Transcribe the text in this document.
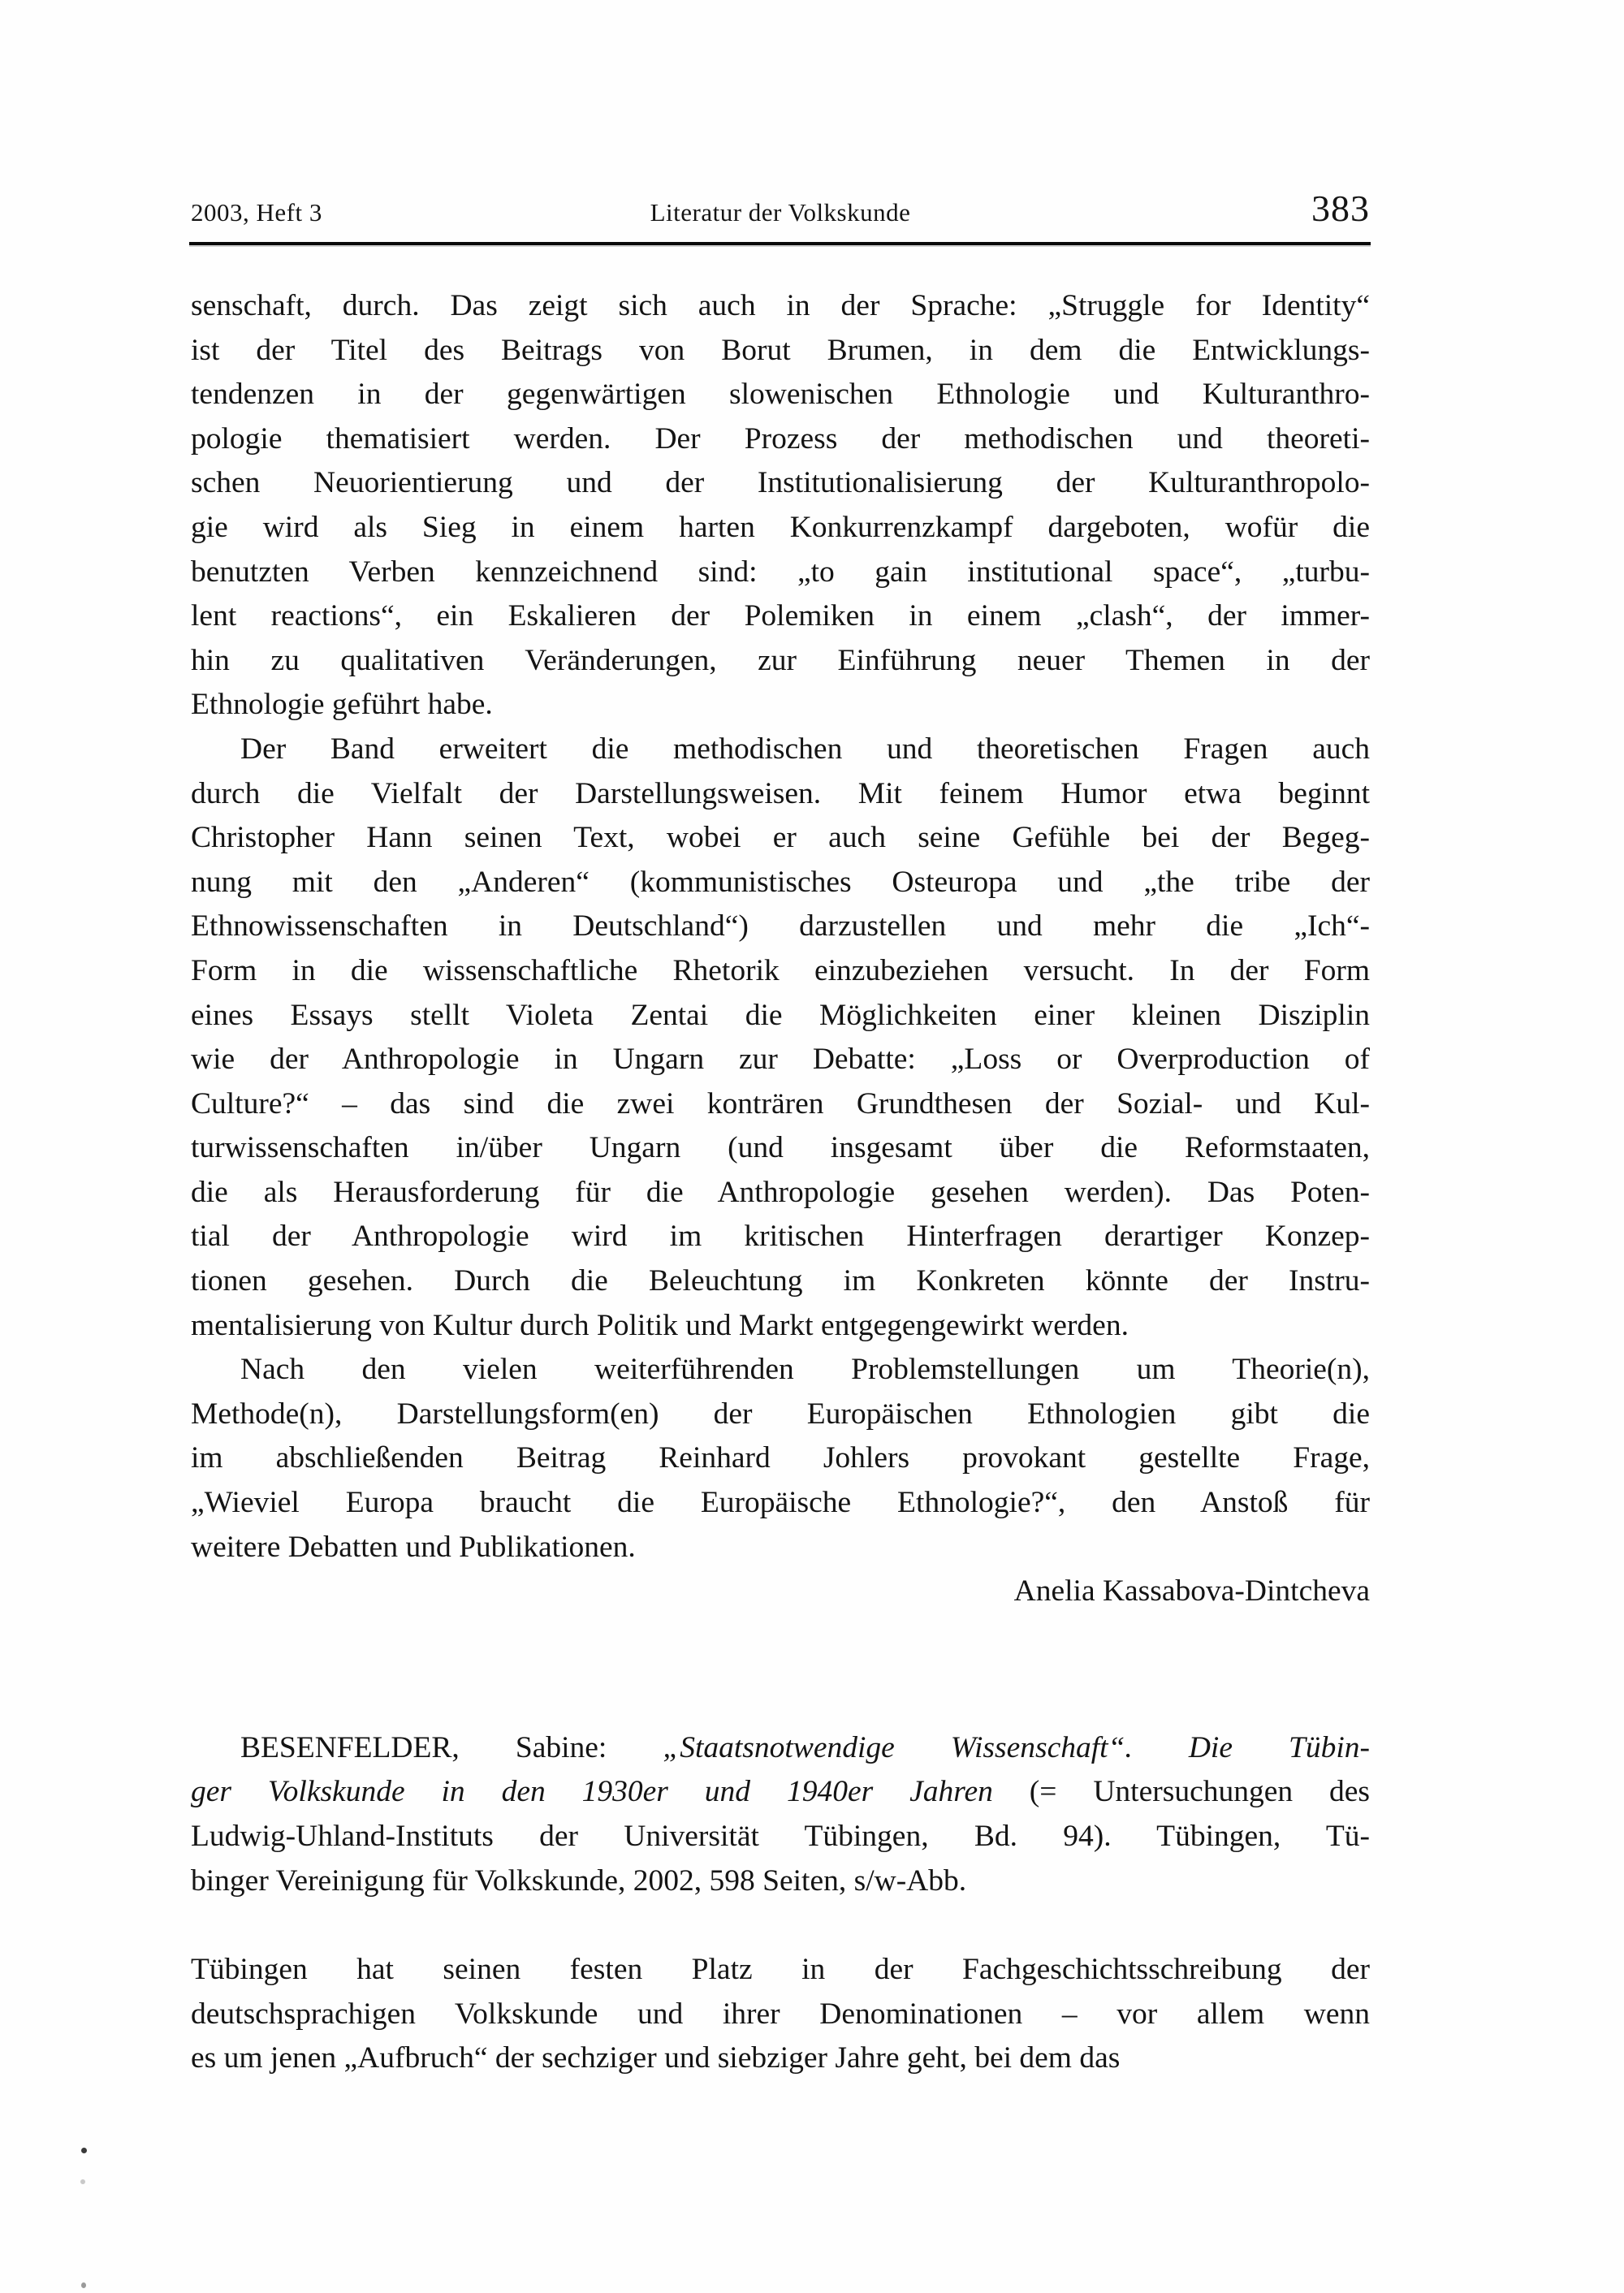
2003, Heft 3	Literatur der Volkskunde	383
senschaft, durch. Das zeigt sich auch in der Sprache: „Struggle for Identity“
ist der Titel des Beitrags von Borut Brumen, in dem die Entwicklungs-
tendenzen in der gegenwärtigen slowenischen Ethnologie und Kulturanthro-
pologie thematisiert werden. Der Prozess der methodischen und theoreti-
schen Neuorientierung und der Institutionalisierung der Kulturanthropolo-
gie wird als Sieg in einem harten Konkurrenzkampf dargeboten, wofür die
benutzten Verben kennzeichnend sind: „to gain institutional space“, „turbu-
lent reactions“, ein Eskalieren der Polemiken in einem „clash“, der immer-
hin zu qualitativen Veränderungen, zur Einführung neuer Themen in der
Ethnologie geführt habe.
Der Band erweitert die methodischen und theoretischen Fragen auch
durch die Vielfalt der Darstellungsweisen. Mit feinem Humor etwa beginnt
Christopher Hann seinen Text, wobei er auch seine Gefühle bei der Begeg-
nung mit den „Anderen“ (kommunistisches Osteuropa und „the tribe der
Ethnowissenschaften in Deutschland“) darzustellen und mehr die „Ich“-
Form in die wissenschaftliche Rhetorik einzubeziehen versucht. In der Form
eines Essays stellt Violeta Zentai die Möglichkeiten einer kleinen Disziplin
wie der Anthropologie in Ungarn zur Debatte: „Loss or Overproduction of
Culture?“ – das sind die zwei konträren Grundthesen der Sozial- und Kul-
turwissenschaften in/über Ungarn (und insgesamt über die Reformstaaten,
die als Herausforderung für die Anthropologie gesehen werden). Das Poten-
tial der Anthropologie wird im kritischen Hinterfragen derartiger Konzep-
tionen gesehen. Durch die Beleuchtung im Konkreten könnte der Instru-
mentalisierung von Kultur durch Politik und Markt entgegengewirkt werden.
Nach den vielen weiterführenden Problemstellungen um Theorie(n),
Methode(n), Darstellungsform(en) der Europäischen Ethnologien gibt die
im abschließenden Beitrag Reinhard Johlers provokant gestellte Frage,
„Wieviel Europa braucht die Europäische Ethnologie?“, den Anstoß für
weitere Debatten und Publikationen.
Anelia Kassabova-Dintcheva
BESENFELDER, Sabine: „Staatsnotwendige Wissenschaft“. Die Tübin-
ger Volkskunde in den 1930er und 1940er Jahren (= Untersuchungen des
Ludwig-Uhland-Instituts der Universität Tübingen, Bd. 94). Tübingen, Tü-
binger Vereinigung für Volkskunde, 2002, 598 Seiten, s/w-Abb.
Tübingen hat seinen festen Platz in der Fachgeschichtsschreibung der
deutschsprachigen Volkskunde und ihrer Denominationen – vor allem wenn
es um jenen „Aufbruch“ der sechziger und siebziger Jahre geht, bei dem das
